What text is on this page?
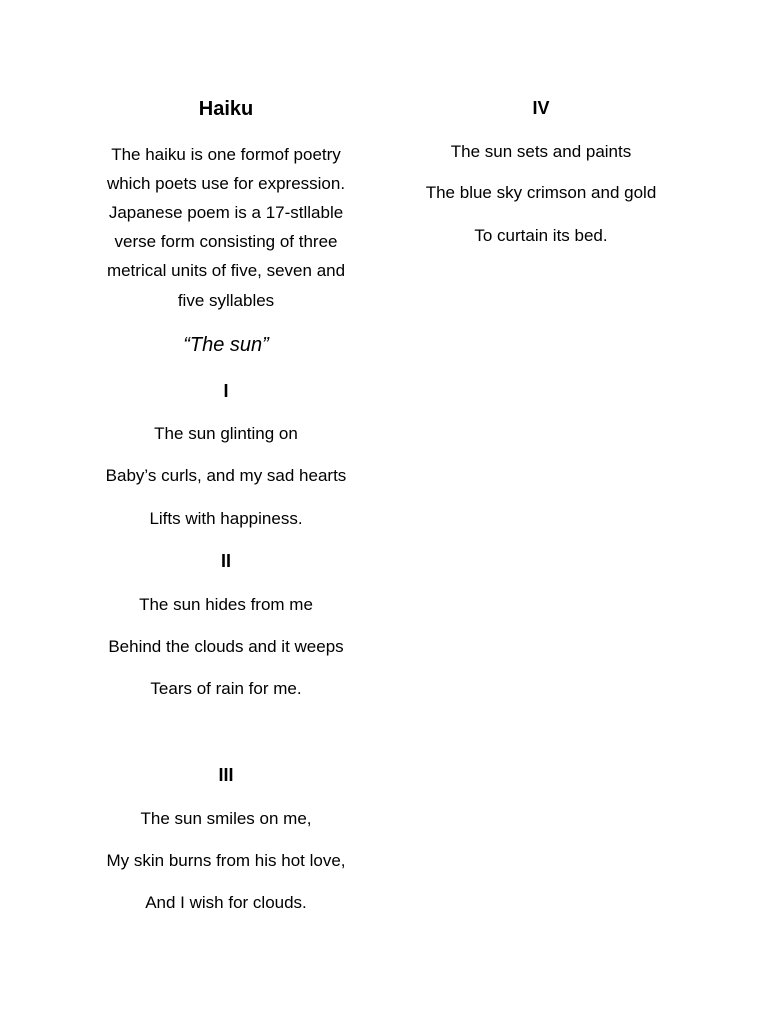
Haiku

The haiku is one formof poetry

which poets use for expression.

Japanese poem is a 17-stllable

verse form consisting of three

metrical units of five, seven and

five syllables

“The sun”

I

The sun glinting on

Baby’s curls, and my sad hearts

Lifts with happiness.

II

The sun hides from me

Behind the clouds and it weeps

Tears of rain for me.

III

The sun smiles on me,

My skin burns from his hot love,

And I wish for clouds.

IV

The sun sets and paints

The blue sky crimson and gold

To curtain its bed.
